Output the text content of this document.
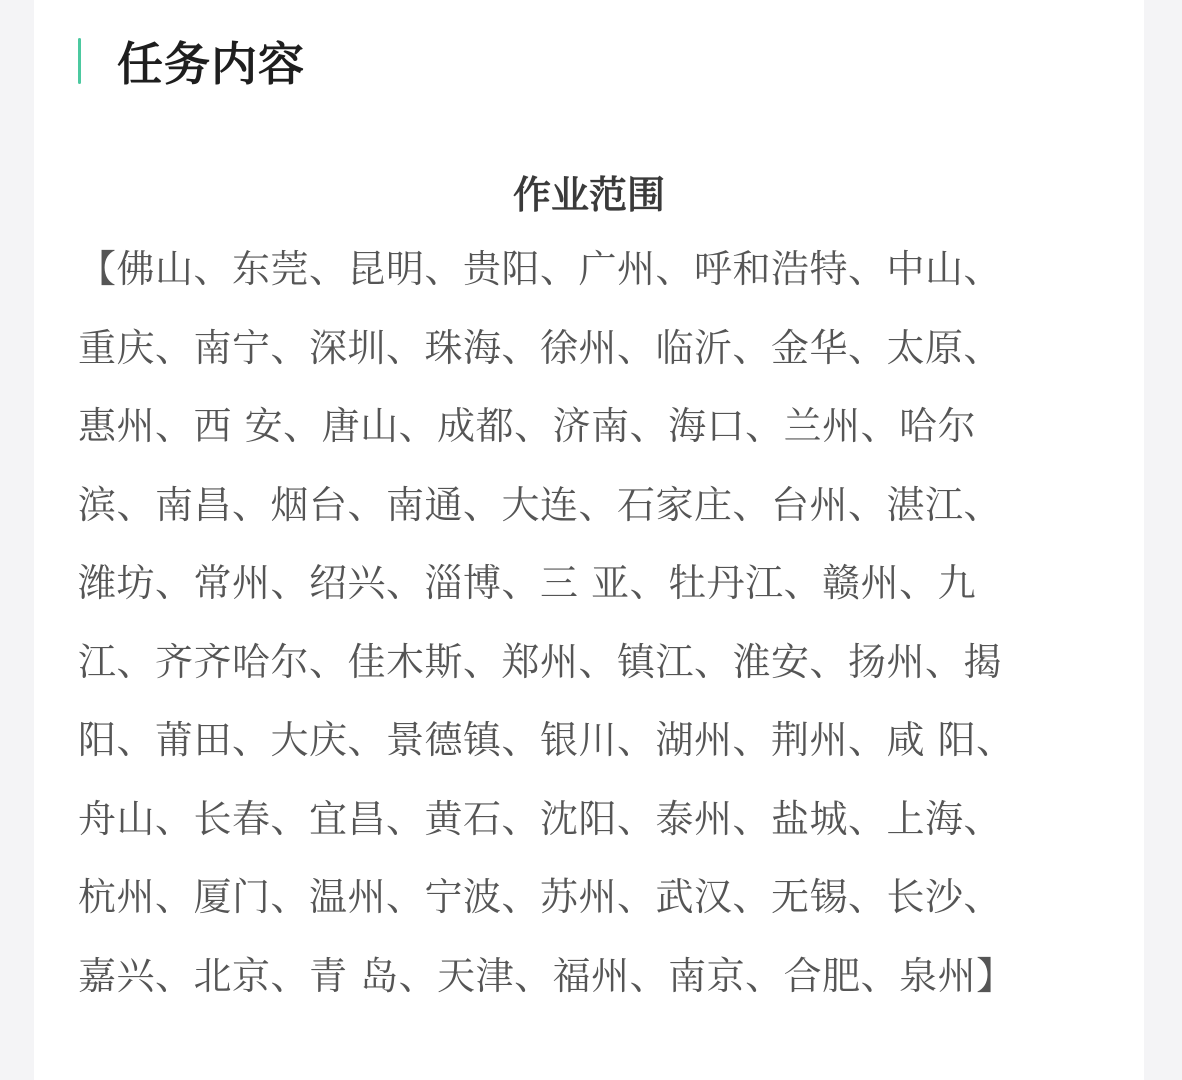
任务内容
作业范围
【佛山、东莞、昆明、贵阳、广州、呼和浩特、中山、
重庆、南宁、深圳、珠海、徐州、临沂、金华、太原、
惠州、西 安、唐山、成都、济南、海口、兰州、哈尔
滨、南昌、烟台、南通、大连、石家庄、台州、湛江、
潍坊、常州、绍兴、淄博、三 亚、牡丹江、赣州、九
江、齐齐哈尔、佳木斯、郑州、镇江、淮安、扬州、揭
阳、莆田、大庆、景德镇、银川、湖州、荆州、咸 阳、
舟山、长春、宜昌、黄石、沈阳、泰州、盐城、上海、
杭州、厦门、温州、宁波、苏州、武汉、无锡、长沙、
嘉兴、北京、青 岛、天津、福州、南京、合肥、泉州】
